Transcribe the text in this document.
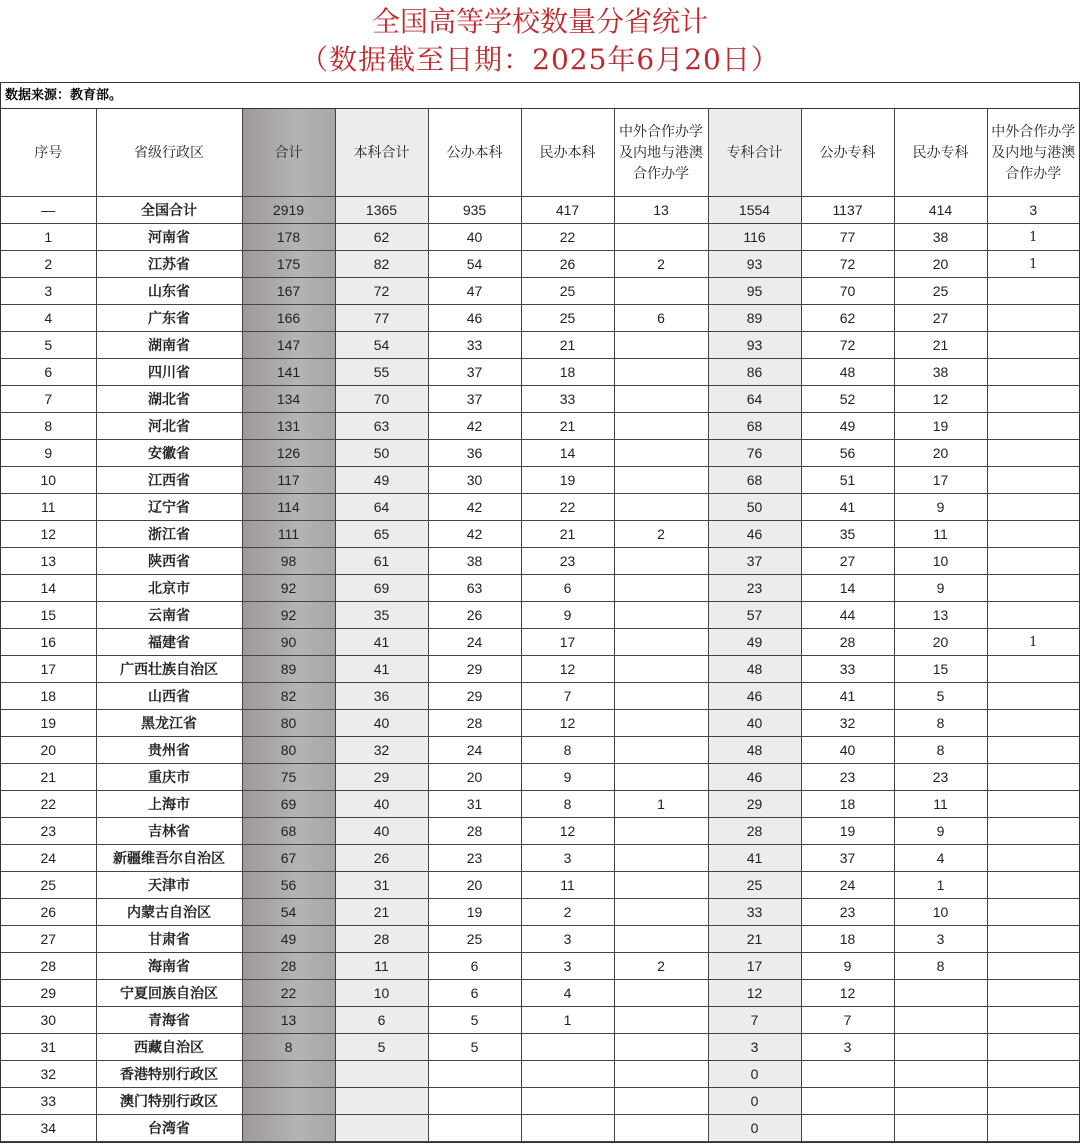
全国高等学校数量分省统计
（数据截至日期：2025年6月20日）
数据来源：教育部。
序号	省级行政区	合计	本科合计	公办本科	民办本科	中外合作办学及内地与港澳合作办学	专科合计	公办专科	民办专科	中外合作办学及内地与港澳合作办学
—	全国合计	2919	1365	935	417	13	1554	1137	414	3
1	河南省	178	62	40	22		116	77	38	1
2	江苏省	175	82	54	26	2	93	72	20	1
3	山东省	167	72	47	25		95	70	25	
4	广东省	166	77	46	25	6	89	62	27	
5	湖南省	147	54	33	21		93	72	21	
6	四川省	141	55	37	18		86	48	38	
7	湖北省	134	70	37	33		64	52	12	
8	河北省	131	63	42	21		68	49	19	
9	安徽省	126	50	36	14		76	56	20	
10	江西省	117	49	30	19		68	51	17	
11	辽宁省	114	64	42	22		50	41	9	
12	浙江省	111	65	42	21	2	46	35	11	
13	陕西省	98	61	38	23		37	27	10	
14	北京市	92	69	63	6		23	14	9	
15	云南省	92	35	26	9		57	44	13	
16	福建省	90	41	24	17		49	28	20	1
17	广西壮族自治区	89	41	29	12		48	33	15	
18	山西省	82	36	29	7		46	41	5	
19	黑龙江省	80	40	28	12		40	32	8	
20	贵州省	80	32	24	8		48	40	8	
21	重庆市	75	29	20	9		46	23	23	
22	上海市	69	40	31	8	1	29	18	11	
23	吉林省	68	40	28	12		28	19	9	
24	新疆维吾尔自治区	67	26	23	3		41	37	4	
25	天津市	56	31	20	11		25	24	1	
26	内蒙古自治区	54	21	19	2		33	23	10	
27	甘肃省	49	28	25	3		21	18	3	
28	海南省	28	11	6	3	2	17	9	8	
29	宁夏回族自治区	22	10	6	4		12	12		
30	青海省	13	6	5	1		7	7		
31	西藏自治区	8	5	5			3	3		
32	香港特别行政区						0			
33	澳门特别行政区						0			
34	台湾省						0			
